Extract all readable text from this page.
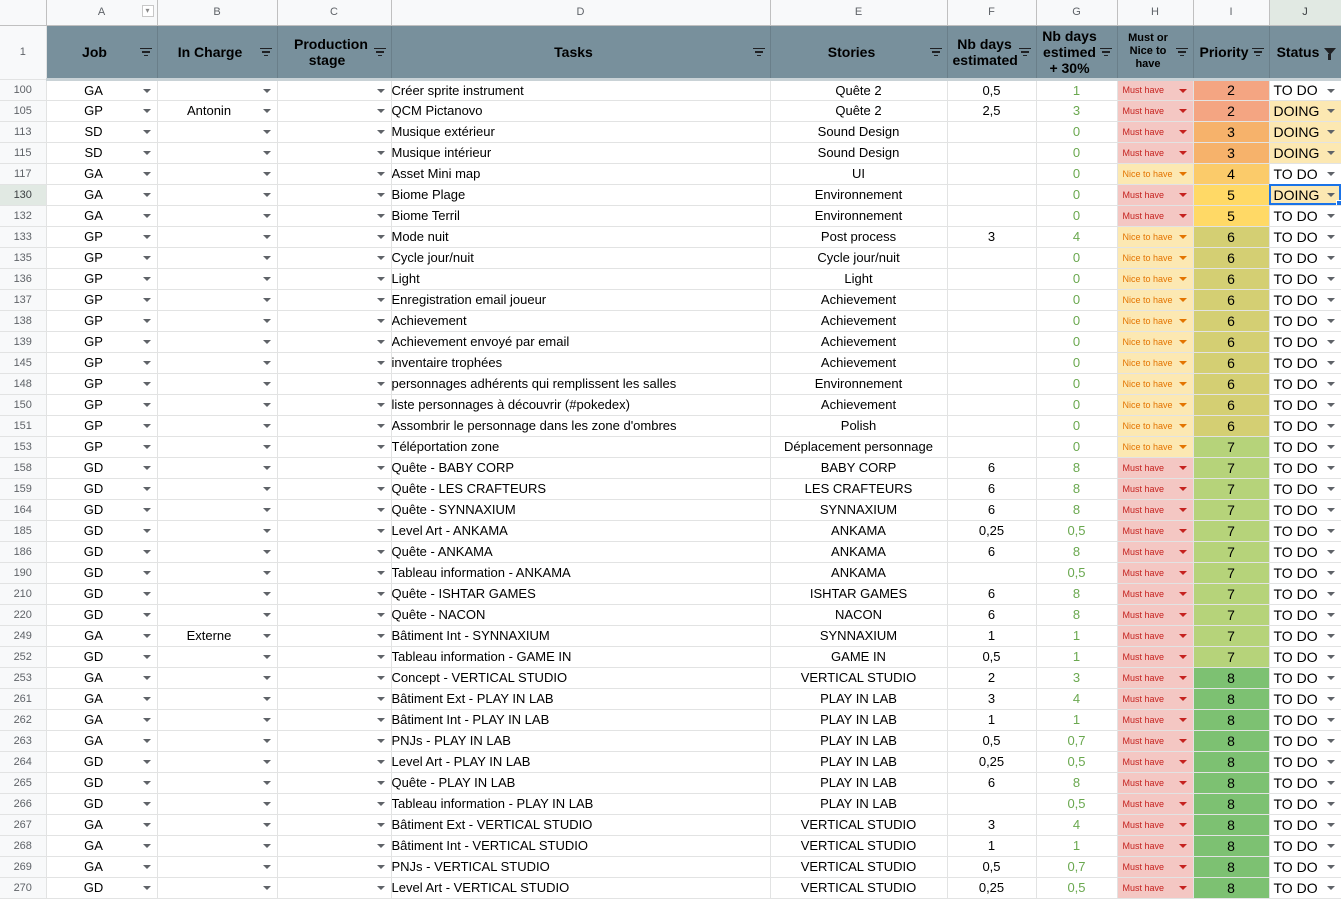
	A ▾	B	C	D	E	F	G	H	I	J
1	Job	In Charge	Production stage	Tasks	Stories	Nb days estimated	Nb days estimed + 30%	Must or Nice to have	Priority	Status

100	GA			Créer sprite instrument	Quête 2	0,5	1	Must have	2	TO DO

105	GP	Antonin		QCM Pictanovo	Quête 2	2,5	3	Must have	2	DOING

113	SD			Musique extérieur	Sound Design		0	Must have	3	DOING

115	SD			Musique intérieur	Sound Design		0	Must have	3	DOING

117	GA			Asset Mini map	UI		0	Nice to have	4	TO DO

130	GA			Biome Plage	Environnement		0	Must have	5	DOING

132	GA			Biome Terril	Environnement		0	Must have	5	TO DO

133	GP			Mode nuit	Post process	3	4	Nice to have	6	TO DO

135	GP			Cycle jour/nuit	Cycle jour/nuit		0	Nice to have	6	TO DO

136	GP			Light	Light		0	Nice to have	6	TO DO

137	GP			Enregistration email joueur	Achievement		0	Nice to have	6	TO DO

138	GP			Achievement	Achievement		0	Nice to have	6	TO DO

139	GP			Achievement envoyé par email	Achievement		0	Nice to have	6	TO DO

145	GP			inventaire trophées	Achievement		0	Nice to have	6	TO DO

148	GP			personnages adhérents qui remplissent les salles	Environnement		0	Nice to have	6	TO DO

150	GP			liste personnages à découvrir (#pokedex)	Achievement		0	Nice to have	6	TO DO

151	GP			Assombrir le personnage dans les zone d'ombres	Polish		0	Nice to have	6	TO DO

153	GP			Téléportation zone	Déplacement personnage		0	Nice to have	7	TO DO

158	GD			Quête - BABY CORP	BABY CORP	6	8	Must have	7	TO DO

159	GD			Quête - LES CRAFTEURS	LES CRAFTEURS	6	8	Must have	7	TO DO

164	GD			Quête - SYNNAXIUM	SYNNAXIUM	6	8	Must have	7	TO DO

185	GD			Level Art - ANKAMA	ANKAMA	0,25	0,5	Must have	7	TO DO

186	GD			Quête - ANKAMA	ANKAMA	6	8	Must have	7	TO DO

190	GD			Tableau information - ANKAMA	ANKAMA		0,5	Must have	7	TO DO

210	GD			Quête - ISHTAR GAMES	ISHTAR GAMES	6	8	Must have	7	TO DO

220	GD			Quête - NACON	NACON	6	8	Must have	7	TO DO

249	GA	Externe		Bâtiment Int - SYNNAXIUM	SYNNAXIUM	1	1	Must have	7	TO DO

252	GD			Tableau information - GAME IN	GAME IN	0,5	1	Must have	7	TO DO

253	GA			Concept - VERTICAL STUDIO	VERTICAL STUDIO	2	3	Must have	8	TO DO

261	GA			Bâtiment Ext - PLAY IN LAB	PLAY IN LAB	3	4	Must have	8	TO DO

262	GA			Bâtiment Int - PLAY IN LAB	PLAY IN LAB	1	1	Must have	8	TO DO

263	GA			PNJs - PLAY IN LAB	PLAY IN LAB	0,5	0,7	Must have	8	TO DO

264	GD			Level Art - PLAY IN LAB	PLAY IN LAB	0,25	0,5	Must have	8	TO DO

265	GD			Quête - PLAY IN LAB	PLAY IN LAB	6	8	Must have	8	TO DO

266	GD			Tableau information - PLAY IN LAB	PLAY IN LAB		0,5	Must have	8	TO DO

267	GA			Bâtiment Ext - VERTICAL STUDIO	VERTICAL STUDIO	3	4	Must have	8	TO DO

268	GA			Bâtiment Int - VERTICAL STUDIO	VERTICAL STUDIO	1	1	Must have	8	TO DO

269	GA			PNJs - VERTICAL STUDIO	VERTICAL STUDIO	0,5	0,7	Must have	8	TO DO

270	GD			Level Art - VERTICAL STUDIO	VERTICAL STUDIO	0,25	0,5	Must have	8	TO DO
